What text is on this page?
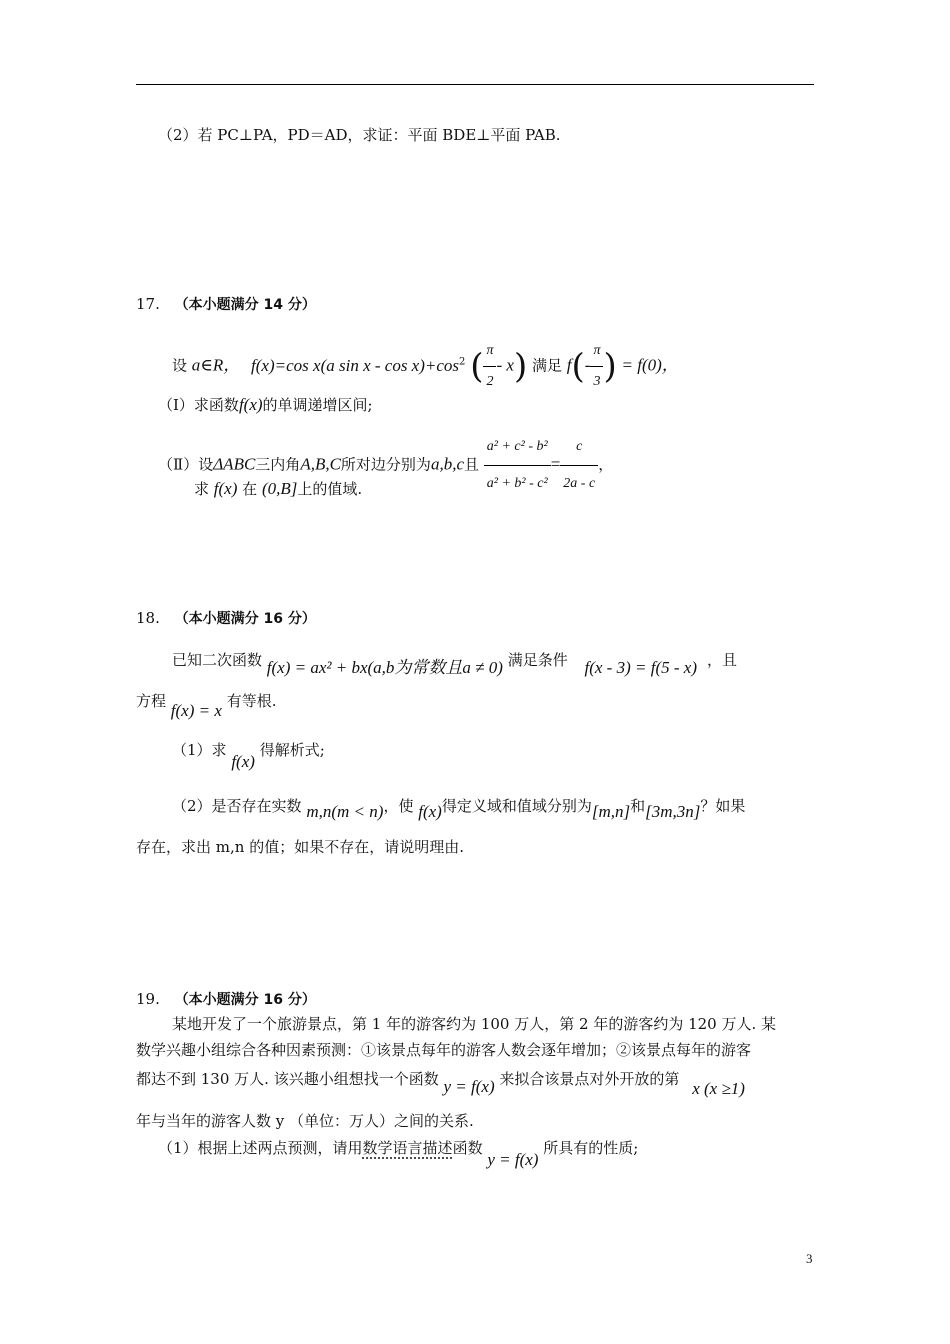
（2）若 PC⊥PA，PD＝AD，求证：平面 BDE⊥平面 PAB.
17. （本小题满分 14 分）
设 a∈R， f(x)=cos x(a $\sin x - \cos x)+\cos^2$ ( $\frac{\pi}{2} - x$) 满足 $f(- \frac{\pi}{3}$ ) = f(0)，
（Ⅰ）求函数f(x)的单调递增区间;
（Ⅱ）设ΔABC三内角A,B,C所对边分别为a,b,c且 $\frac{\text{a² + c² - b²}}{\text{a² + b² - c²}} = \frac{c}{2a - c}$ ，
求 f(x) 在 (0,B]上的值域.
18. （本小题满分 16 分）
已知二次函数 f(x) = ax² + bx(a,b为常数且a ≠ 0) 满足条件 f(x - 3) = f(5 - x) ，且
方程 f(x) = x 有等根.
（1）求 f(x) 得解析式;
（2）是否存在实数 m,n(m < n)，使 f(x)得定义域和值域分别为[m,n]和[3m,3n]？如果
存在，求出 m,n 的值；如果不存在，请说明理由.
19. （本小题满分 16 分）
某地开发了一个旅游景点，第 1 年的游客约为 100 万人，第 2 年的游客约为 120 万人. 某
数学兴趣小组综合各种因素预测：①该景点每年的游客人数会逐年增加；②该景点每年的游客
都达不到 130 万人. 该兴趣小组想找一个函数 y = f(x) 来拟合该景点对外开放的第 x (x ≥1)
年与当年的游客人数 y （单位：万人）之间的关系.
（1）根据上述两点预测，请用数学语言描述函数 y = f(x) 所具有的性质;
3
